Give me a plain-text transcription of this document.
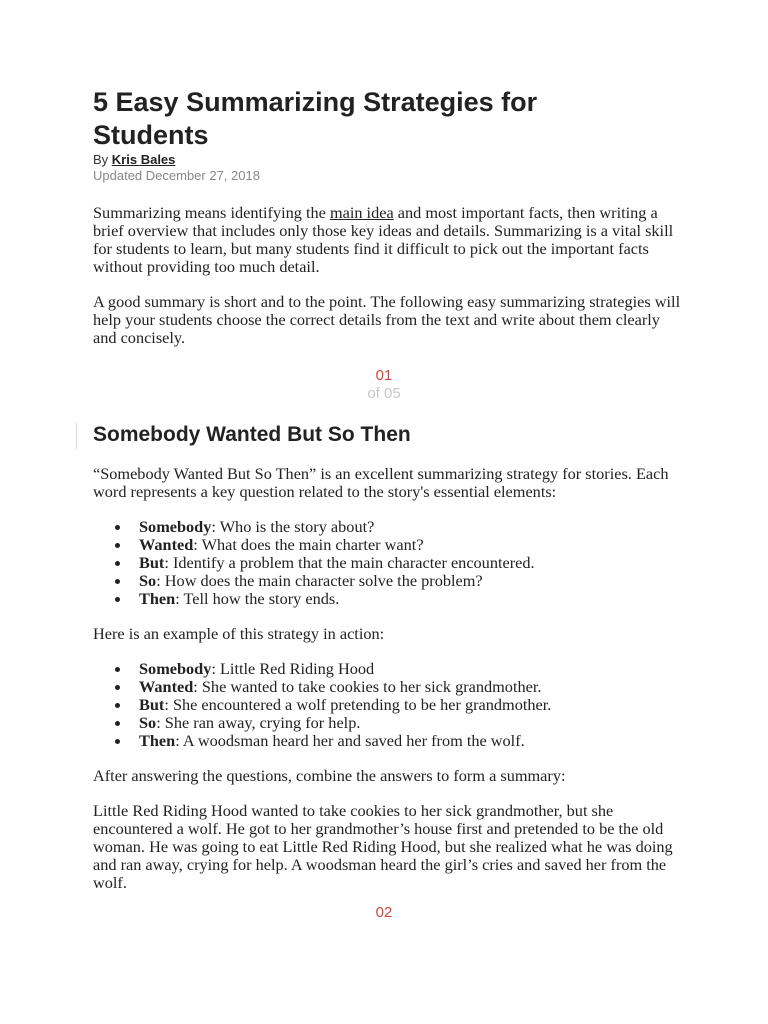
5 Easy Summarizing Strategies for Students
By Kris Bales
Updated December 27, 2018

Summarizing means identifying the main idea and most important facts, then writing a brief overview that includes only those key ideas and details. Summarizing is a vital skill for students to learn, but many students find it difficult to pick out the important facts without providing too much detail.

A good summary is short and to the point. The following easy summarizing strategies will help your students choose the correct details from the text and write about them clearly and concisely.

01
of 05
Somebody Wanted But So Then

“Somebody Wanted But So Then” is an excellent summarizing strategy for stories. Each word represents a key question related to the story's essential elements:

Somebody: Who is the story about?
Wanted: What does the main charter want?
But: Identify a problem that the main character encountered.
So: How does the main character solve the problem?
Then: Tell how the story ends.

Here is an example of this strategy in action:

Somebody: Little Red Riding Hood
Wanted: She wanted to take cookies to her sick grandmother.
But: She encountered a wolf pretending to be her grandmother.
So: She ran away, crying for help.
Then: A woodsman heard her and saved her from the wolf.

After answering the questions, combine the answers to form a summary:

Little Red Riding Hood wanted to take cookies to her sick grandmother, but she encountered a wolf. He got to her grandmother’s house first and pretended to be the old woman. He was going to eat Little Red Riding Hood, but she realized what he was doing and ran away, crying for help. A woodsman heard the girl’s cries and saved her from the wolf.

02
